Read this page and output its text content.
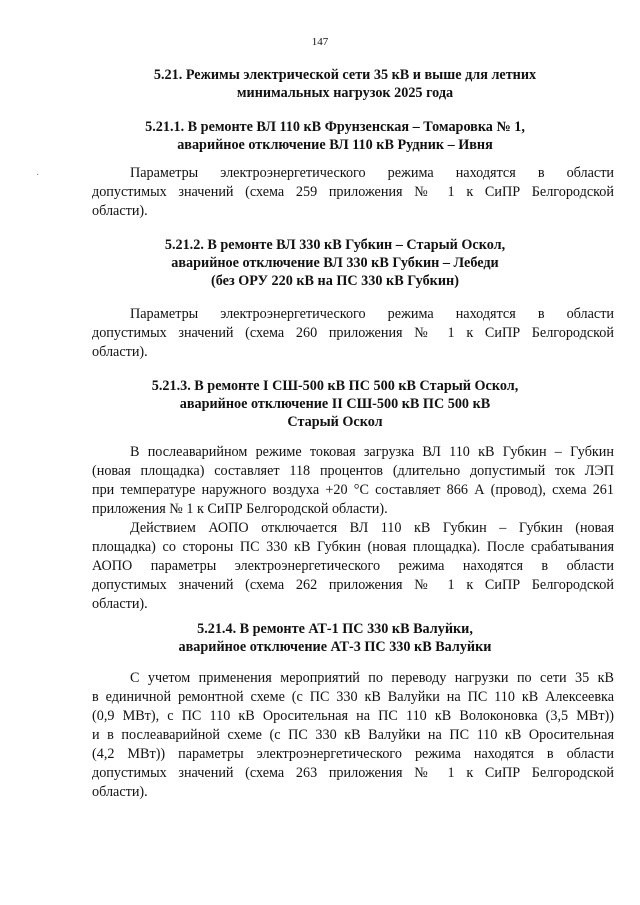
147
5.21. Режимы электрической сети 35 кВ и выше для летних
минимальных нагрузок 2025 года
5.21.1. В ремонте ВЛ 110 кВ Фрунзенская – Томаровка № 1,
аварийное отключение ВЛ 110 кВ Рудник – Ивня
·	Параметры электроэнергетического режима находятся в области
допустимых значений (схема 259 приложения № 1 к СиПР Белгородской
области).
5.21.2. В ремонте ВЛ 330 кВ Губкин – Старый Оскол,
аварийное отключение ВЛ 330 кВ Губкин – Лебеди
(без ОРУ 220 кВ на ПС 330 кВ Губкин)
Параметры электроэнергетического режима находятся в области
допустимых значений (схема 260 приложения № 1 к СиПР Белгородской
области).
5.21.3. В ремонте I СШ-500 кВ ПС 500 кВ Старый Оскол,
аварийное отключение II СШ-500 кВ ПС 500 кВ
Старый Оскол
В послеаварийном режиме токовая загрузка ВЛ 110 кВ Губкин – Губкин
(новая площадка) составляет 118 процентов (длительно допустимый ток ЛЭП
при температуре наружного воздуха +20 °С составляет 866 А (провод), схема 261
приложения № 1 к СиПР Белгородской области).
Действием АОПО отключается ВЛ 110 кВ Губкин – Губкин (новая
площадка) со стороны ПС 330 кВ Губкин (новая площадка). После срабатывания
АОПО параметры электроэнергетического режима находятся в области
допустимых значений (схема 262 приложения № 1 к СиПР Белгородской
области).
5.21.4. В ремонте АТ-1 ПС 330 кВ Валуйки,
аварийное отключение АТ-3 ПС 330 кВ Валуйки
С учетом применения мероприятий по переводу нагрузки по сети 35 кВ
в единичной ремонтной схеме (с ПС 330 кВ Валуйки на ПС 110 кВ Алексеевка
(0,9 МВт), с ПС 110 кВ Оросительная на ПС 110 кВ Волоконовка (3,5 МВт))
и в послеаварийной схеме (с ПС 330 кВ Валуйки на ПС 110 кВ Оросительная
(4,2 МВт)) параметры электроэнергетического режима находятся в области
допустимых значений (схема 263 приложения № 1 к СиПР Белгородской
области).
